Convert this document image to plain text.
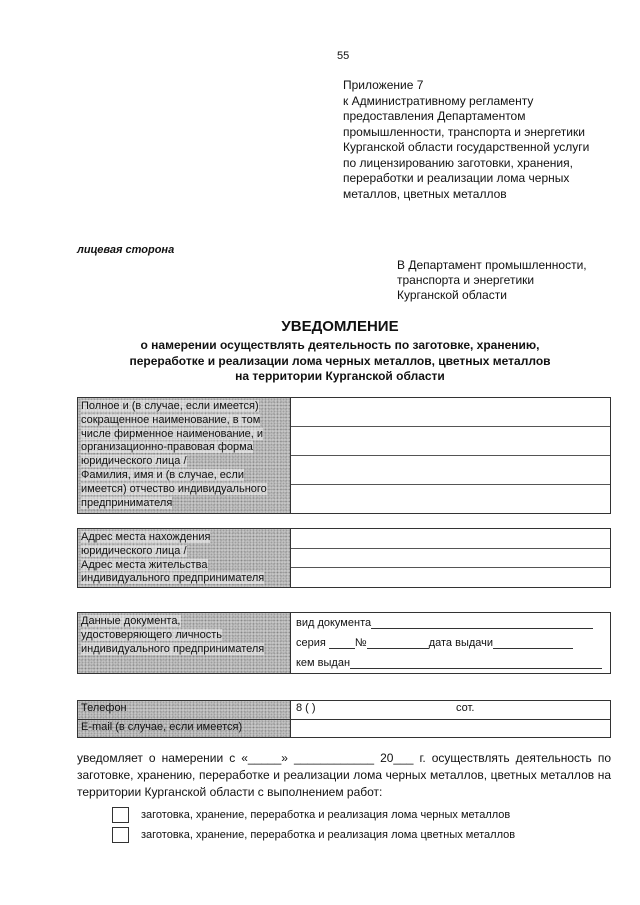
55
Приложение 7
к Административному регламенту
предоставления Департаментом
промышленности, транспорта и энергетики
Курганской области государственной услуги
по лицензированию заготовки, хранения,
переработки и реализации лома черных
металлов, цветных металлов
лицевая сторона
В Департамент промышленности,
транспорта и энергетики
Курганской области
УВЕДОМЛЕНИЕ
о намерении осуществлять деятельность по заготовке, хранению,
переработке и реализации лома черных металлов, цветных металлов
на территории Курганской области
Полное и (в случае, если имеется)
сокращенное наименование, в том
числе фирменное наименование, и
организационно-правовая форма
юридического лица /
Фамилия, имя и (в случае, если
имеется) отчество индивидуального
предпринимателя
Адрес места нахождения
юридического лица /
Адрес места жительства
индивидуального предпринимателя
Данные документа,
удостоверяющего личность
индивидуального предпринимателя
вид документа
серия	№	дата выдачи
кем выдан
Телефон	8 ( )	сот.
E-mail (в случае, если имеется)
уведомляет о намерении с «_____» ____________ 20___ г. осуществлять деятельность по заготовке, хранению, переработке и реализации лома черных металлов, цветных металлов на территории Курганской области с выполнением работ:
заготовка, хранение, переработка и реализация лома черных металлов
заготовка, хранение, переработка и реализация лома цветных металлов
